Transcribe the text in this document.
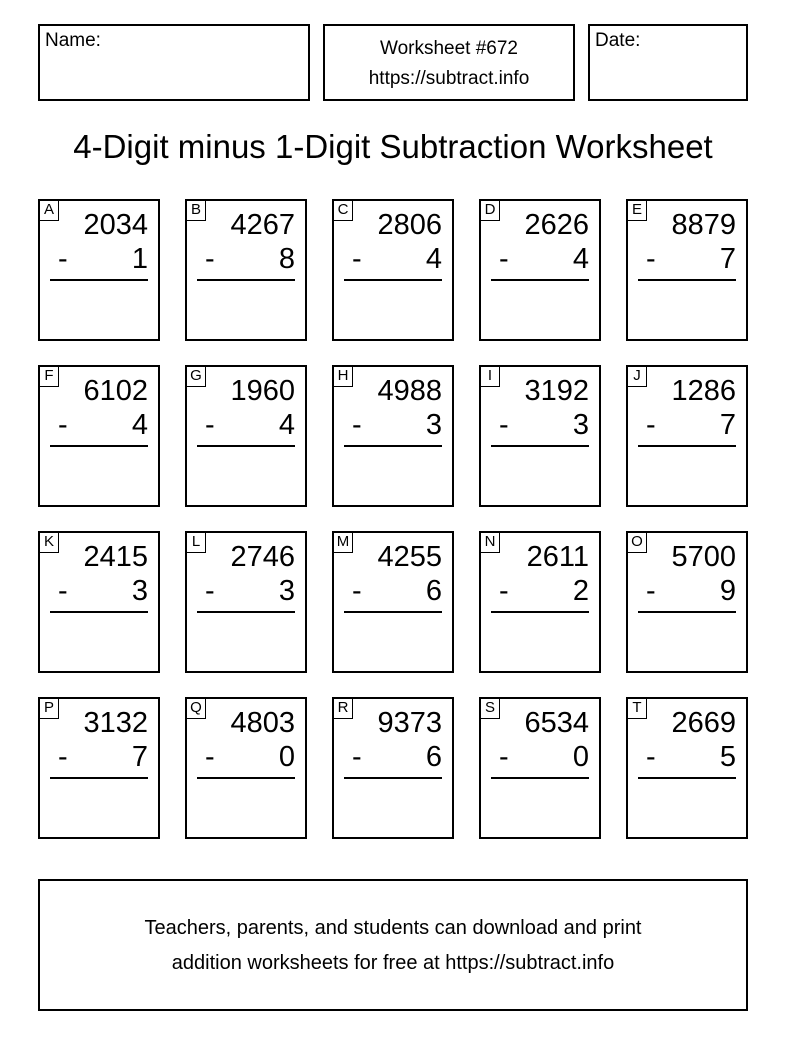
Name:	Worksheet #672
https://subtract.info
Date:
4-Digit minus 1-Digit Subtraction Worksheet
A 2034
- 1
B 4267
- 8
C 2806
- 4
D 2626
- 4
E 8879
- 7
F 6102
- 4
G 1960
- 4
H 4988
- 3
I 3192
- 3
J 1286
- 7
K 2415
- 3
L 2746
- 3
M 4255
- 6
N 2611
- 2
O 5700
- 9
P 3132
- 7
Q 4803
- 0
R 9373
- 6
S 6534
- 0
T 2669
- 5
Teachers, parents, and students can download and print
addition worksheets for free at https://subtract.info
